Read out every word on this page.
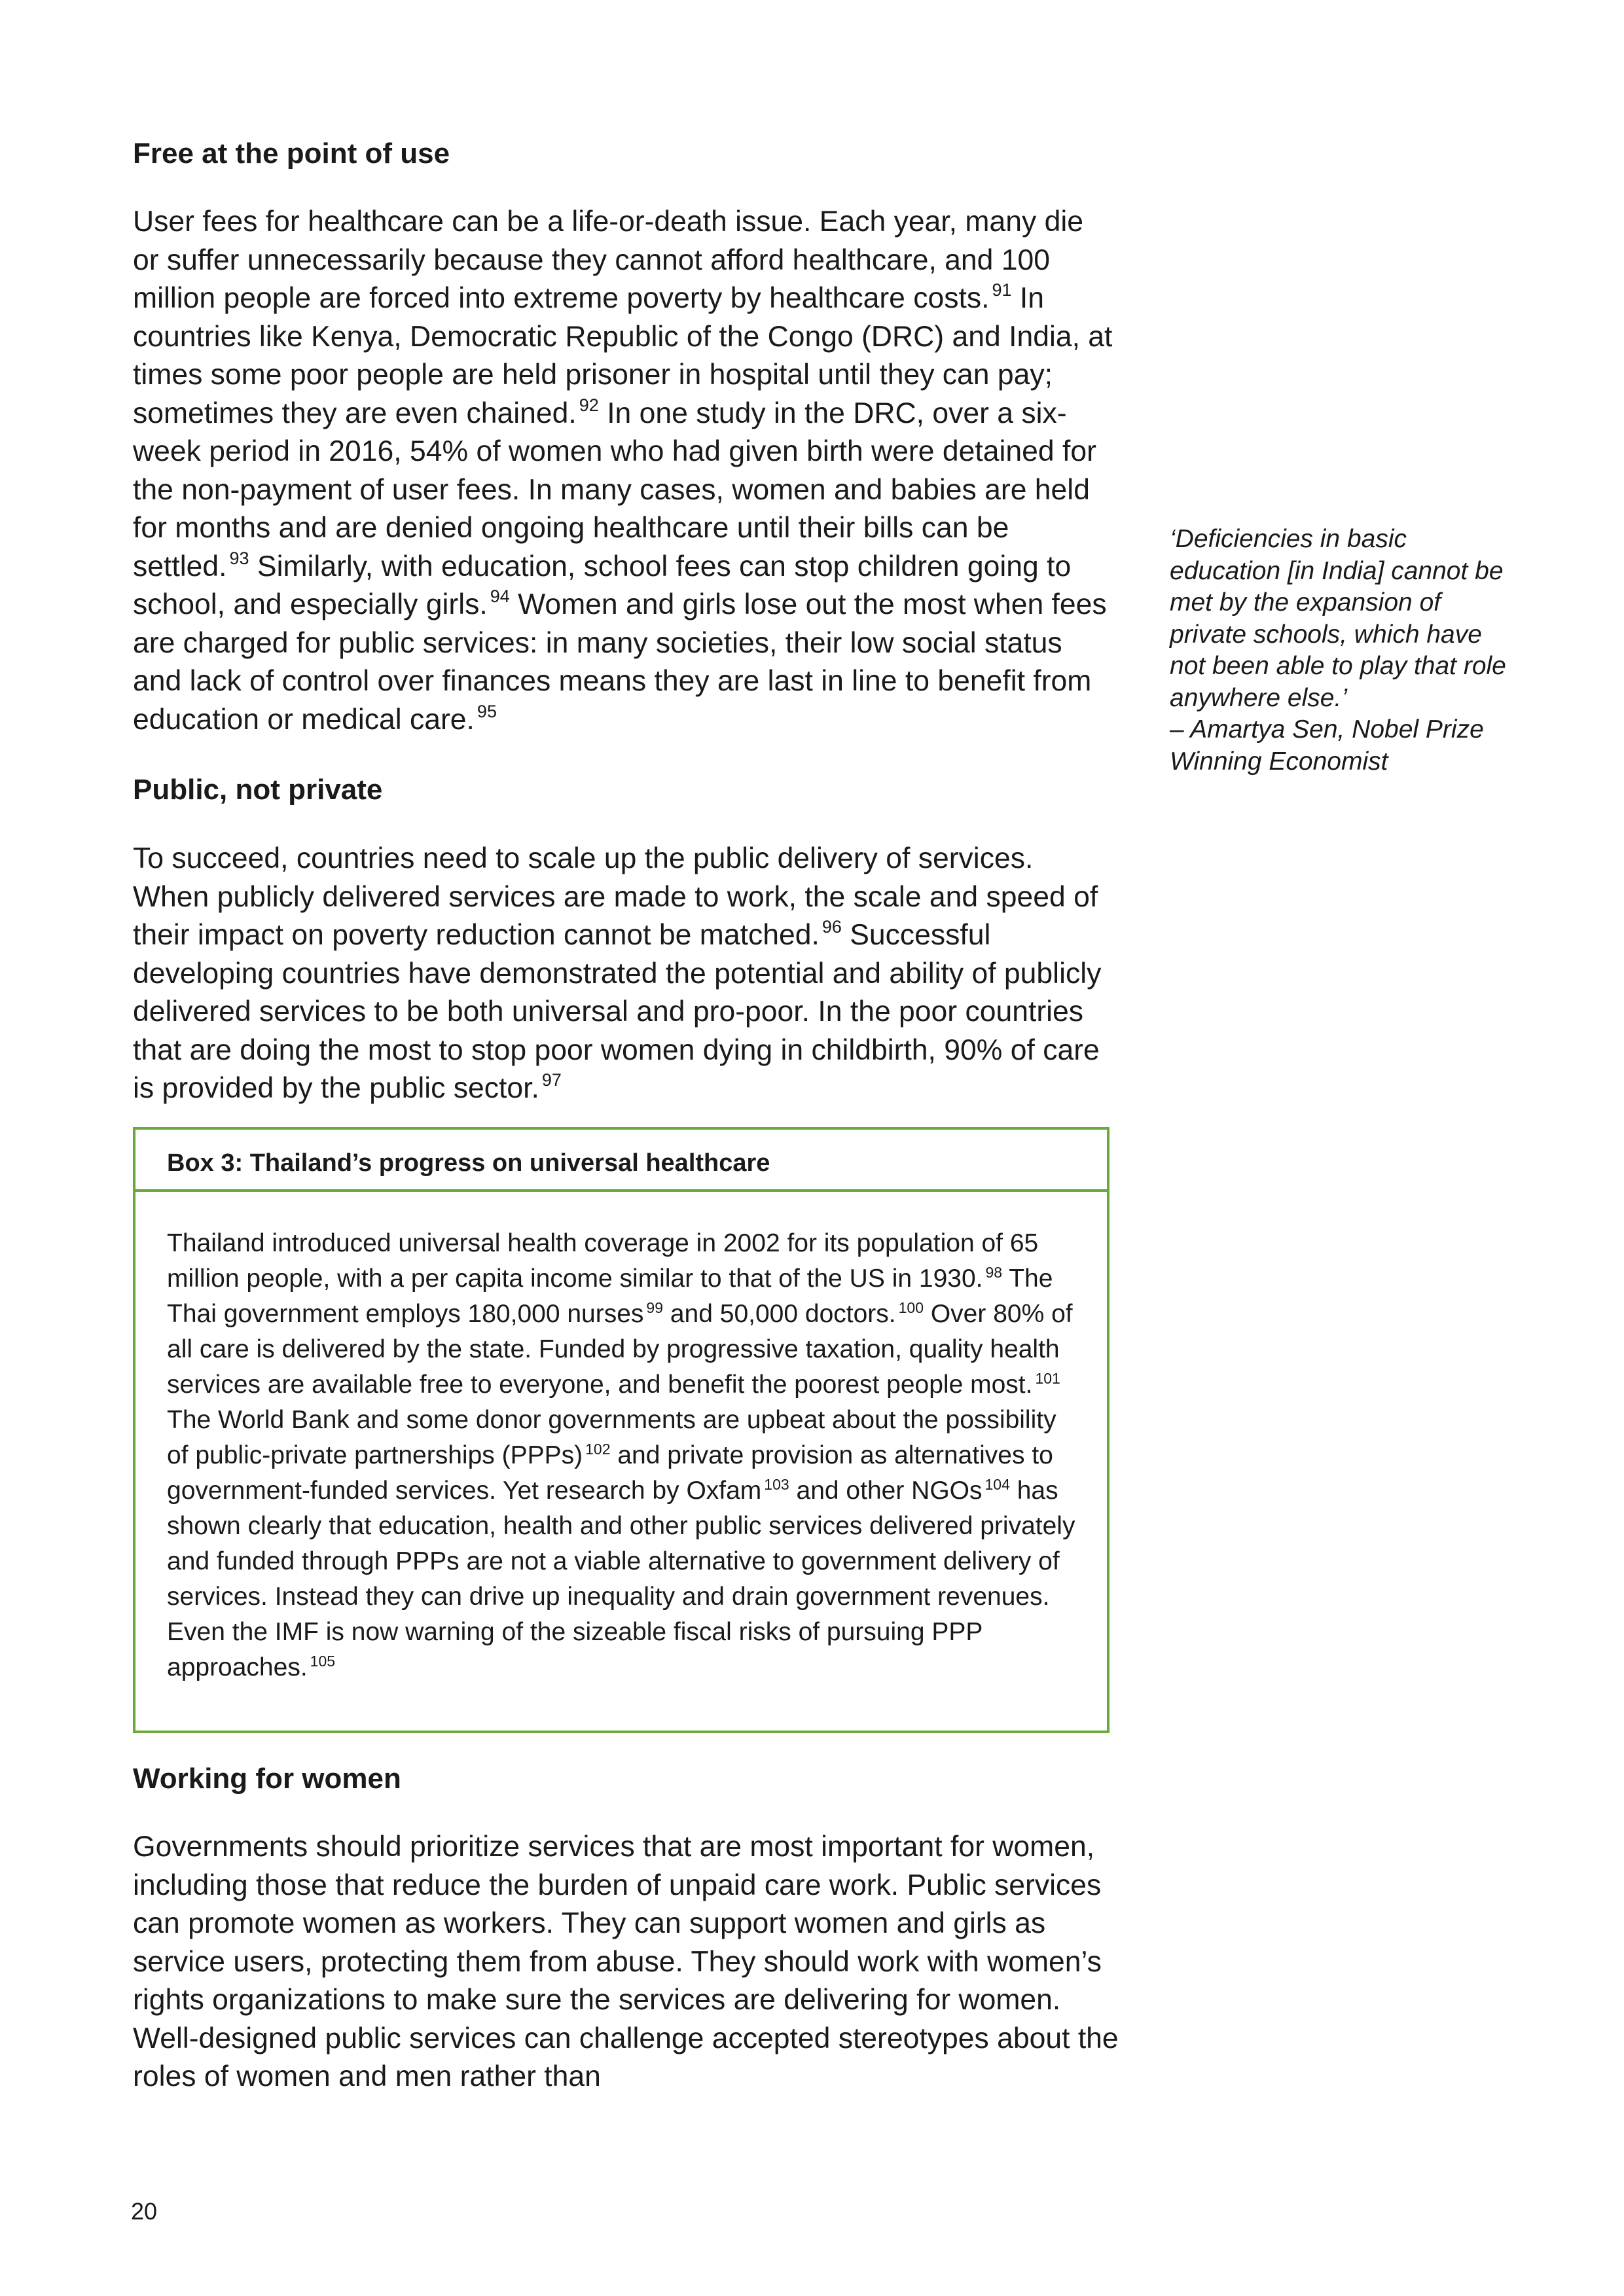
Free at the point of use

User fees for healthcare can be a life-or-death issue. Each year, many die or suffer unnecessarily because they cannot afford healthcare, and 100 million people are forced into extreme poverty by healthcare costs. $^{91}$ In countries like Kenya, Democratic Republic of the Congo (DRC) and India, at times some poor people are held prisoner in hospital until they can pay; sometimes they are even chained. $^{92}$ In one study in the DRC, over a six-week period in 2016, 54% of women who had given birth were detained for the non-payment of user fees. In many cases, women and babies are held for months and are denied ongoing healthcare until their bills can be settled. $^{93}$ Similarly, with education, school fees can stop children going to school, and especially girls. $^{94}$ Women and girls lose out the most when fees are charged for public services: in many societies, their low social status and lack of control over finances means they are last in line to benefit from education or medical care. $^{95}$

Public, not private

To succeed, countries need to scale up the public delivery of services. When publicly delivered services are made to work, the scale and speed of their impact on poverty reduction cannot be matched. $^{96}$ Successful developing countries have demonstrated the potential and ability of publicly delivered services to be both universal and pro-poor. In the poor countries that are doing the most to stop poor women dying in childbirth, 90% of care is provided by the public sector. $^{97}$

Box 3: Thailand’s progress on universal healthcare
Thailand introduced universal health coverage in 2002 for its population of 65 million people, with a per capita income similar to that of the US in 1930. $^{98}$ The Thai government employs 180,000 nurses $^{99}$ and 50,000 doctors. $^{100}$ Over 80% of all care is delivered by the state. Funded by progressive taxation, quality health services are available free to everyone, and benefit the poorest people most. $^{101}$ The World Bank and some donor governments are upbeat about the possibility of public-private partnerships (PPPs) $^{102}$ and private provision as alternatives to government-funded services. Yet research by Oxfam $^{103}$ and other NGOs $^{104}$ has shown clearly that education, health and other public services delivered privately and funded through PPPs are not a viable alternative to government delivery of services. Instead they can drive up inequality and drain government revenues. Even the IMF is now warning of the sizeable fiscal risks of pursuing PPP approaches. $^{105}$
Working for women

Governments should prioritize services that are most important for women, including those that reduce the burden of unpaid care work. Public services can promote women as workers. They can support women and girls as service users, protecting them from abuse. They should work with women’s rights organizations to make sure the services are delivering for women. Well-designed public services can challenge accepted stereotypes about the roles of women and men rather than

‘Deficiencies in basic education [in India] cannot be met by the expansion of private schools, which have not been able to play that role anywhere else.’
– Amartya Sen, Nobel Prize Winning Economist
20
